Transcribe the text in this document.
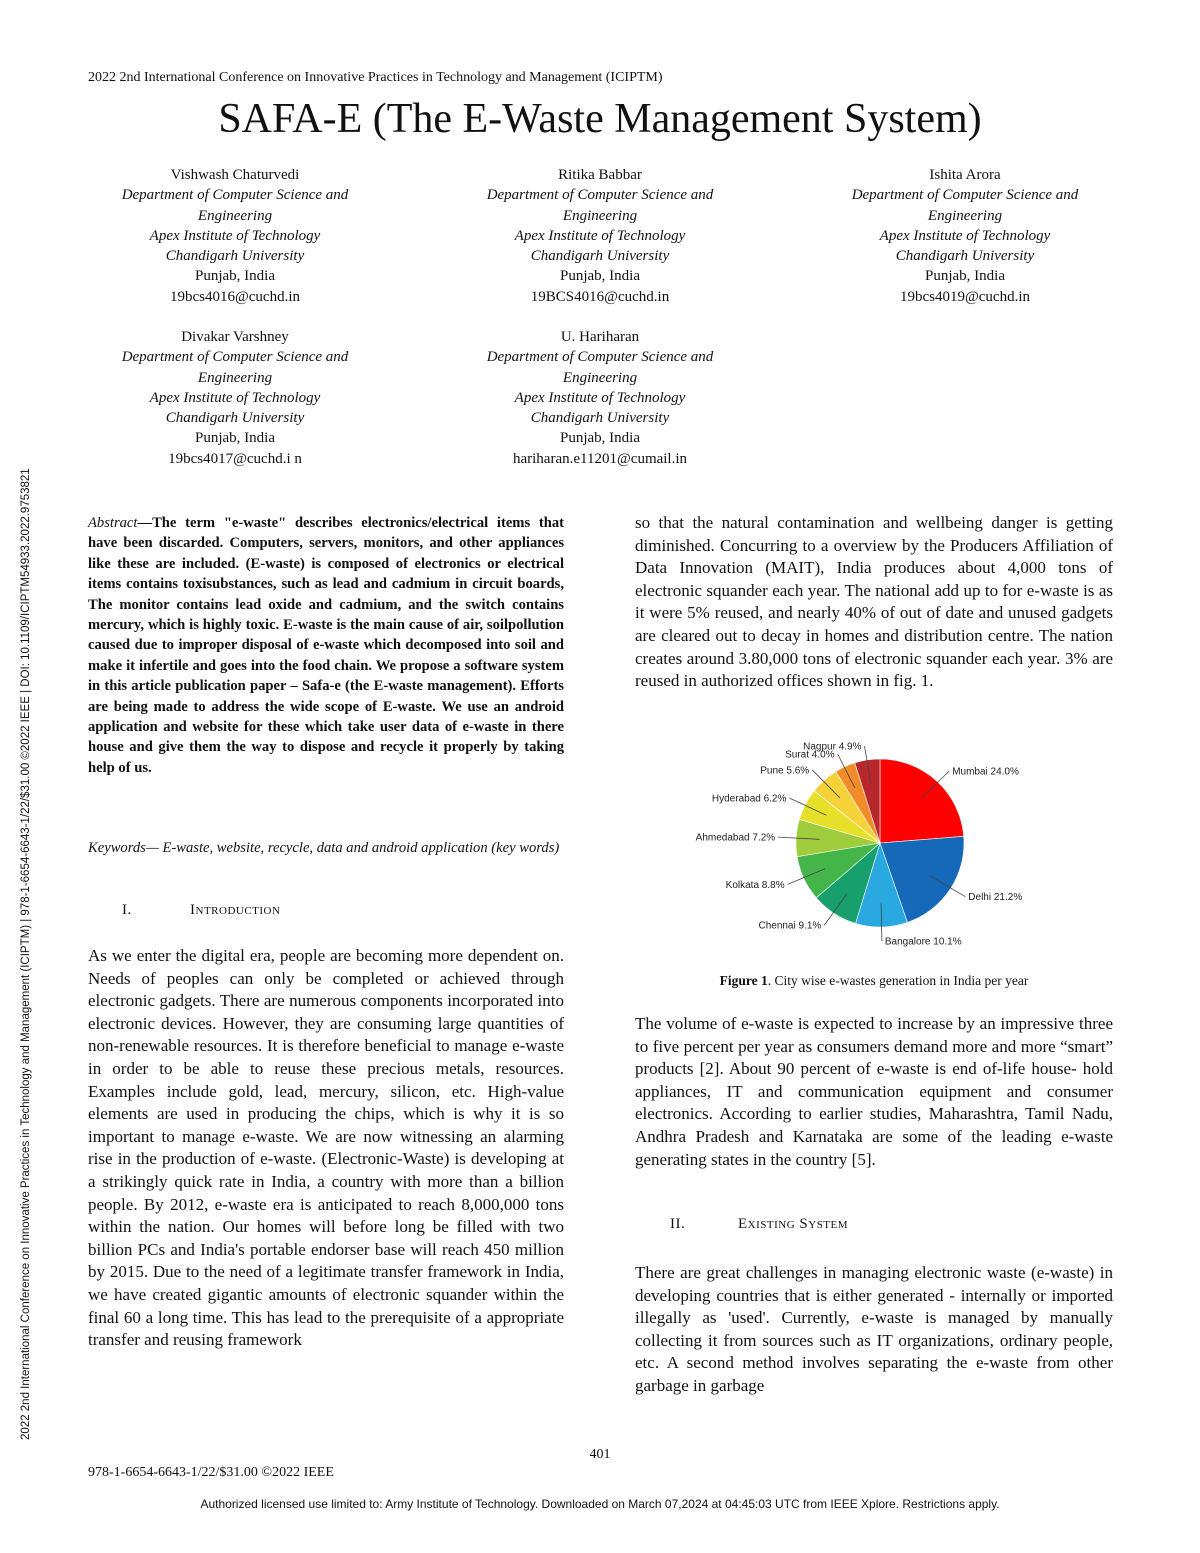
2022 2nd International Conference on Innovative Practices in Technology and Management (ICIPTM)
SAFA-E (The E-Waste Management System)
2022 2nd International Conference on Innovative Practices in Technology and Management (ICIPTM) | 978-1-6654-6643-1/22/$31.00 ©2022 IEEE | DOI: 10.1109/ICIPTM54933.2022.9753821
Vishwash Chaturvedi
Department of Computer Science and Engineering
Apex Institute of Technology
Chandigarh University
Punjab, India
19bcs4016@cuchd.in
Ritika Babbar
Department of Computer Science and Engineering
Apex Institute of Technology
Chandigarh University
Punjab, India
19BCS4016@cuchd.in
Ishita Arora
Department of Computer Science and Engineering
Apex Institute of Technology
Chandigarh University
Punjab, India
19bcs4019@cuchd.in
Divakar Varshney
Department of Computer Science and Engineering
Apex Institute of Technology
Chandigarh University
Punjab, India
19bcs4017@cuchd.i n
U. Hariharan
Department of Computer Science and Engineering
Apex Institute of Technology
Chandigarh University
Punjab, India
hariharan.e11201@cumail.in
Abstract—The term "e-waste" describes electronics/electrical items that have been discarded. Computers, servers, monitors, and other appliances like these are included. (E-waste) is composed of electronics or electrical items contains toxisubstances, such as lead and cadmium in circuit boards, The monitor contains lead oxide and cadmium, and the switch contains mercury, which is highly toxic. E-waste is the main cause of air, soilpollution caused due to improper disposal of e-waste which decomposed into soil and make it infertile and goes into the food chain. We propose a software system in this article publication paper – Safa-e (the E-waste management). Efforts are being made to address the wide scope of E-waste. We use an android application and website for these which take user data of e-waste in there house and give them the way to dispose and recycle it properly by taking help of us.
Keywords— E-waste, website, recycle, data and android application (key words)
I.	Introduction
As we enter the digital era, people are becoming more dependent on. Needs of peoples can only be completed or achieved through electronic gadgets. There are numerous components incorporated into electronic devices. However, they are consuming large quantities of non-renewable resources. It is therefore beneficial to manage e-waste in order to be able to reuse these precious metals, resources. Examples include gold, lead, mercury, silicon, etc. High-value elements are used in producing the chips, which is why it is so important to manage e-waste. We are now witnessing an alarming rise in the production of e-waste. (Electronic-Waste) is developing at a strikingly quick rate in India, a country with more than a billion people. By 2012, e-waste era is anticipated to reach 8,000,000 tons within the nation. Our homes will before long be filled with two billion PCs and India's portable endorser base will reach 450 million by 2015. Due to the need of a legitimate transfer framework in India, we have created gigantic amounts of electronic squander within the final 60 a long time. This has lead to the prerequisite of a appropriate transfer and reusing framework
so that the natural contamination and wellbeing danger is getting diminished. Concurring to a overview by the Producers Affiliation of Data Innovation (MAIT), India produces about 4,000 tons of electronic squander each year. The national add up to for e-waste is as it were 5% reused, and nearly 40% of out of date and unused gadgets are cleared out to decay in homes and distribution centre. The nation creates around 3.80,000 tons of electronic squander each year. 3% are reused in authorized offices shown in fig. 1.
Mumbai 24.0%
Delhi 21.2%
Bangalore 10.1%
Chennai 9.1%
Kolkata 8.8%
Ahmedabad 7.2%
Hyderabad 6.2%
Pune 5.6%
Surat 4.0%
Nagpur 4.9%
Figure 1. City wise e-wastes generation in India per year
The volume of e-waste is expected to increase by an impressive three to five percent per year as consumers demand more and more “smart” products [2]. About 90 percent of e-waste is end of-life house- hold appliances, IT and communication equipment and consumer electronics. According to earlier studies, Maharashtra, Tamil Nadu, Andhra Pradesh and Karnataka are some of the leading e-waste generating states in the country [5].
II.	Existing System
There are great challenges in managing electronic waste (e-waste) in developing countries that is either generated - internally or imported illegally as 'used'. Currently, e-waste is managed by manually collecting it from sources such as IT organizations, ordinary people, etc. A second method involves separating the e-waste from other garbage in garbage
401
978-1-6654-6643-1/22/$31.00 ©2022 IEEE
Authorized licensed use limited to: Army Institute of Technology. Downloaded on March 07,2024 at 04:45:03 UTC from IEEE Xplore. Restrictions apply.
